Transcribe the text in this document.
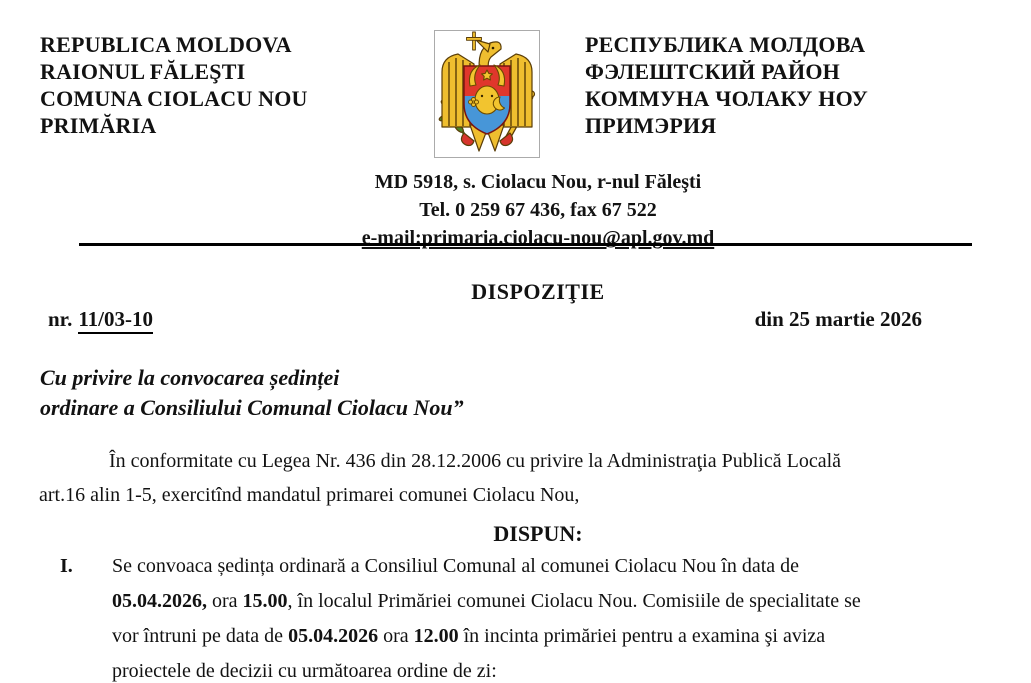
REPUBLICA MOLDOVA
RAIONUL FĂLEŞTI
COMUNA CIOLACU NOU
PRIMĂRIA
РЕСПУБЛИКА МОЛДОВА
ФЭЛЕШТСКИЙ РАЙОН
КОММУНА ЧОЛАКУ НОУ
ПРИМЭРИЯ
MD 5918, s. Ciolacu Nou, r-nul Făleşti
Tel. 0 259 67 436, fax 67 522
e-mail:primaria.ciolacu-nou@apl.gov.md
DISPOZIŢIE
nr. 11/03-10	din 25 martie 2026
Cu privire la convocarea ședinței
ordinare a Consiliului Comunal Ciolacu Nou”
În conformitate cu Legea Nr. 436 din 28.12.2006 cu privire la Administraţia Publică Locală
art.16 alin 1-5, exercitînd mandatul primarei comunei Ciolacu Nou,
DISPUN:
I.	Se convoaca ședința ordinară a Consiliul Comunal al comunei Ciolacu Nou în data de
05.04.2026, ora 15.00, în localul Primăriei comunei Ciolacu Nou. Comisiile de specialitate se
vor întruni pe data de 05.04.2026 ora 12.00 în incinta primăriei pentru a examina şi aviza
proiectele de decizii cu următoarea ordine de zi:
